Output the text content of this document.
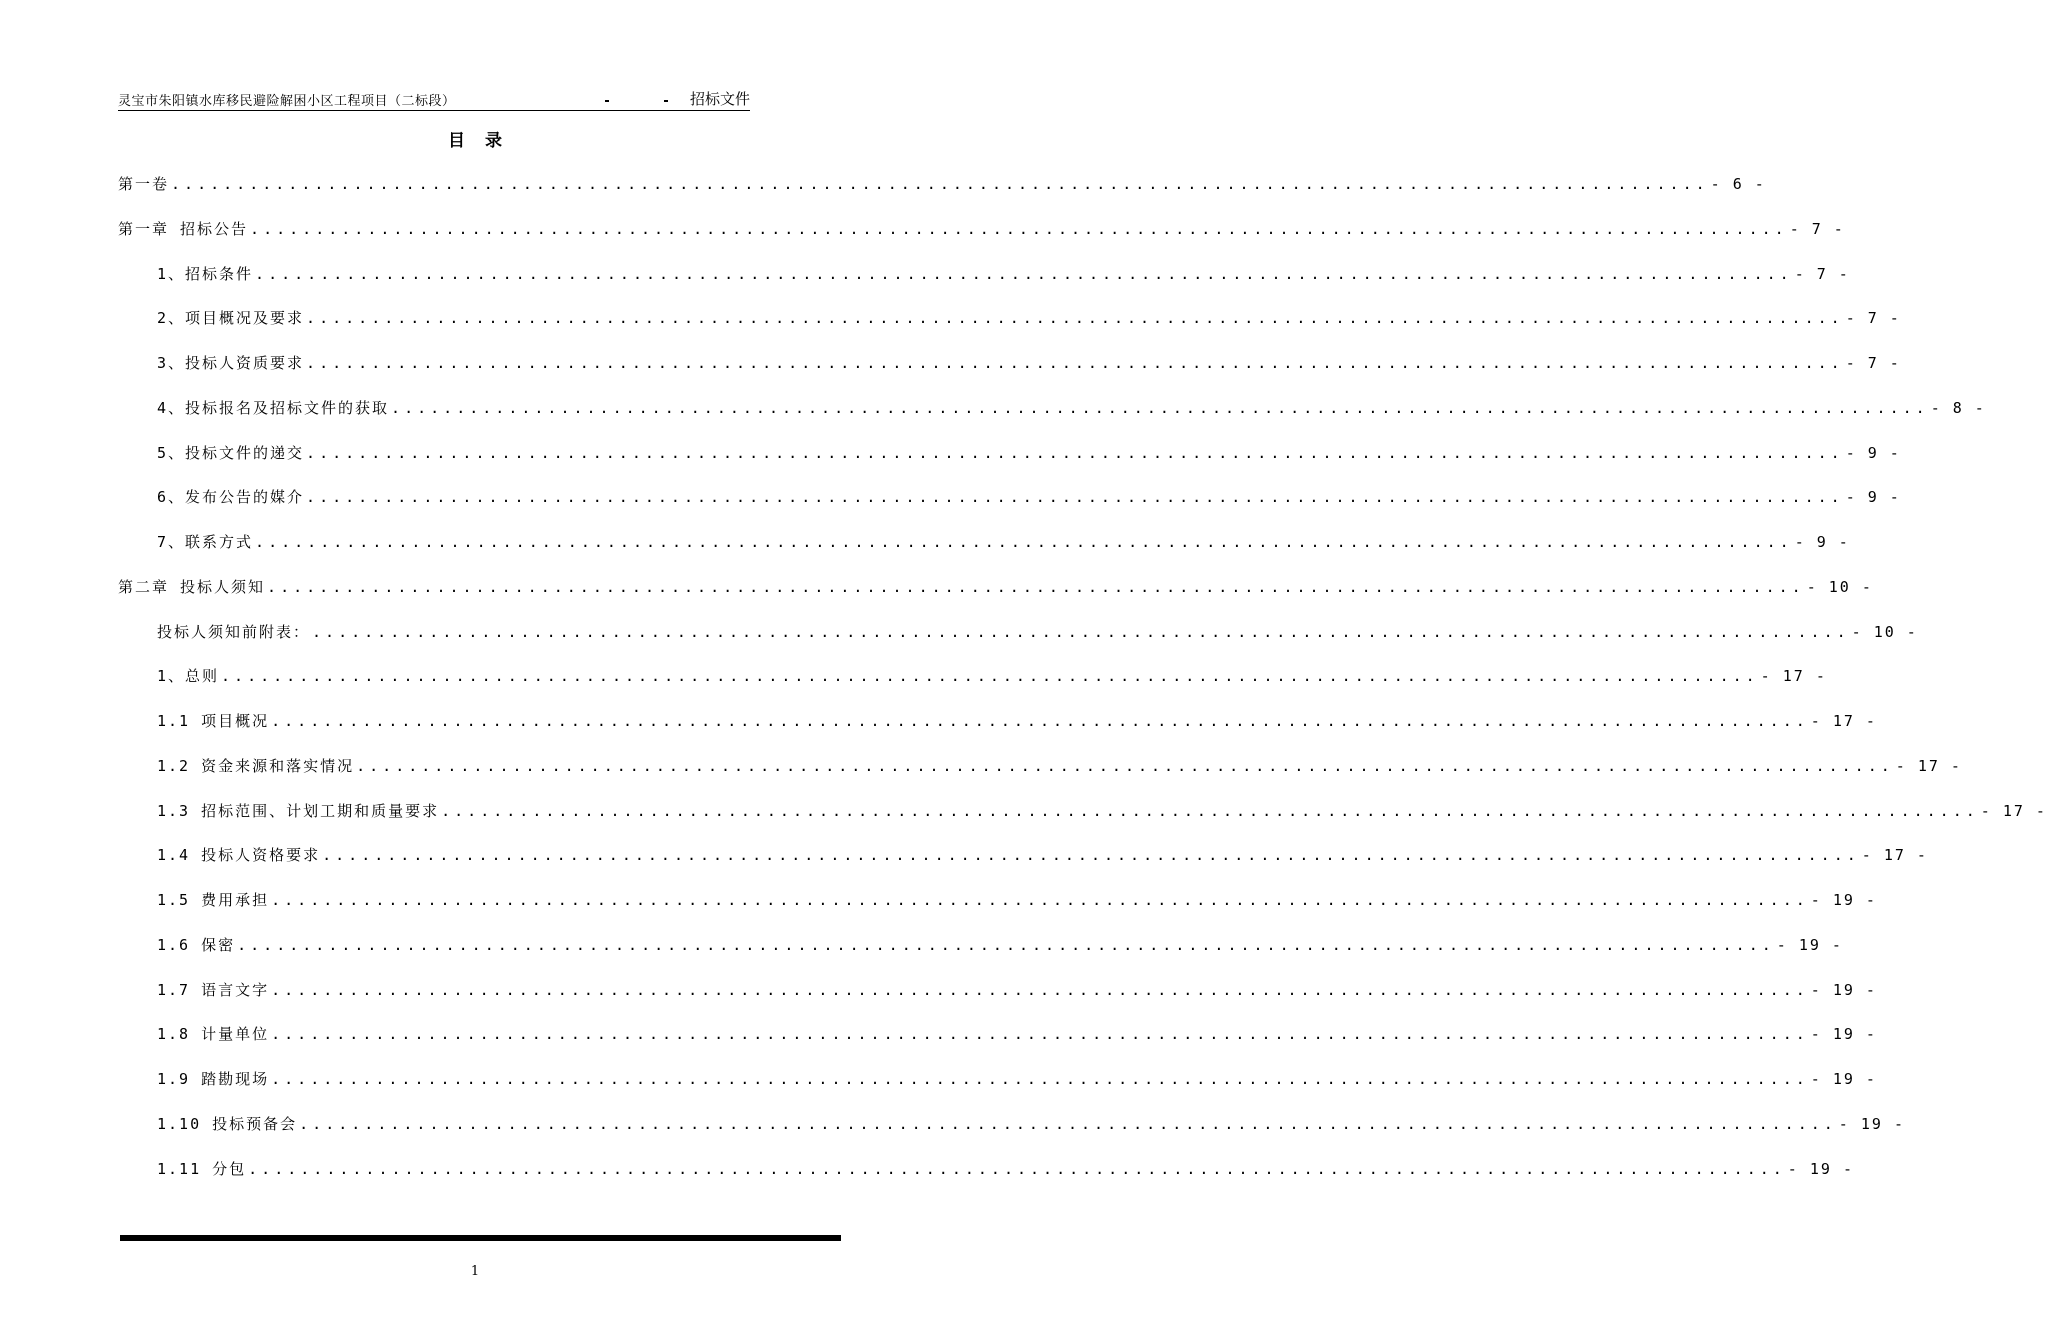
灵宝市朱阳镇水库移民避险解困小区工程项目（二标段）	招标文件
目录
第一卷 ...................................................................................................................... - 6 -
第一章 招标公告 ...................................................................................................................... - 7 -
1、招标条件 ...................................................................................................................... - 7 -
2、项目概况及要求 ...................................................................................................................... - 7 -
3、投标人资质要求 ...................................................................................................................... - 7 -
4、投标报名及招标文件的获取 ...................................................................................................................... - 8 -
5、投标文件的递交 ...................................................................................................................... - 9 -
6、发布公告的媒介 ...................................................................................................................... - 9 -
7、联系方式 ...................................................................................................................... - 9 -
第二章 投标人须知 ...................................................................................................................... - 10 -
投标人须知前附表： ...................................................................................................................... - 10 -
1、总则 ...................................................................................................................... - 17 -
1.1 项目概况 ...................................................................................................................... - 17 -
1.2 资金来源和落实情况 ...................................................................................................................... - 17 -
1.3 招标范围、计划工期和质量要求 ...................................................................................................................... - 17 -
1.4 投标人资格要求 ...................................................................................................................... - 17 -
1.5 费用承担 ...................................................................................................................... - 19 -
1.6 保密 ...................................................................................................................... - 19 -
1.7 语言文字 ...................................................................................................................... - 19 -
1.8 计量单位 ...................................................................................................................... - 19 -
1.9 踏勘现场 ...................................................................................................................... - 19 -
1.10 投标预备会 ...................................................................................................................... - 19 -
1.11 分包 ...................................................................................................................... - 19 -
1
